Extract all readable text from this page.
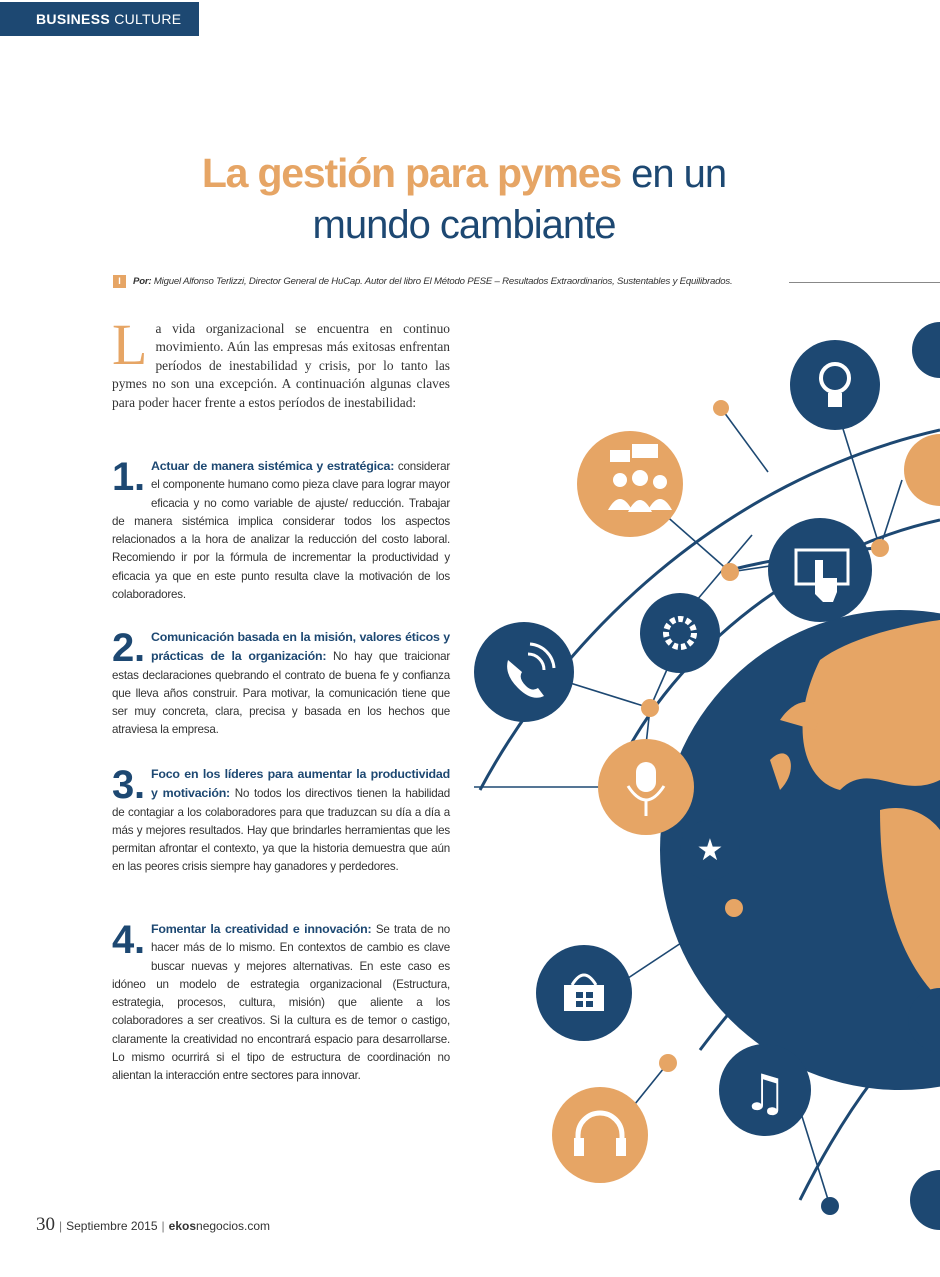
BUSINESS CULTURE
La gestión para pymes en un
mundo cambiante
I	Por: Miguel Alfonso Terlizzi, Director General de HuCap. Autor del libro El Método PESE – Resultados Extraordinarios, Sustentables y Equilibrados.
L a vida organizacional se encuentra en continuo movimiento. Aún las empresas más exitosas enfrentan períodos de inestabilidad y crisis, por lo tanto las pymes no son una excepción. A continuación algunas claves para poder hacer frente a estos períodos de inestabilidad:
1. Actuar de manera sistémica y estratégica: considerar el componente humano como pieza clave para lograr mayor eficacia y no como variable de ajuste/ reducción. Trabajar de manera sistémica implica considerar todos los aspectos relacionados a la hora de analizar la reducción del costo laboral. Recomiendo ir por la fórmula de incrementar la productividad y eficacia ya que en este punto resulta clave la motivación de los colaboradores.
2. Comunicación basada en la misión, valores éticos y prácticas de la organización: No hay que traicionar estas declaraciones quebrando el contrato de buena fe y confianza que lleva años construir. Para motivar, la comunicación tiene que ser muy concreta, clara, precisa y basada en los hechos que atraviesa la empresa.
3. Foco en los líderes para aumentar la productividad y motivación: No todos los directivos tienen la habilidad de contagiar a los colaboradores para que traduzcan su día a día a más y mejores resultados. Hay que brindarles herramientas que les permitan afrontar el contexto, ya que la historia demuestra que aún en las peores crisis siempre hay ganadores y perdedores.
4. Fomentar la creatividad e innovación: Se trata de no hacer más de lo mismo. En contextos de cambio es clave buscar nuevas y mejores alternativas. En este caso es idóneo un modelo de estrategia organizacional (Estructura, estrategia, procesos, cultura, misión) que aliente a los colaboradores a ser creativos. Si la cultura es de temor o castigo, claramente la creatividad no encontrará espacio para desarrollarse. Lo mismo ocurrirá si el tipo de estructura de coordinación no alientan la interacción entre sectores para innovar.
30 | Septiembre 2015 | ekosnegocios.com
★
♫
